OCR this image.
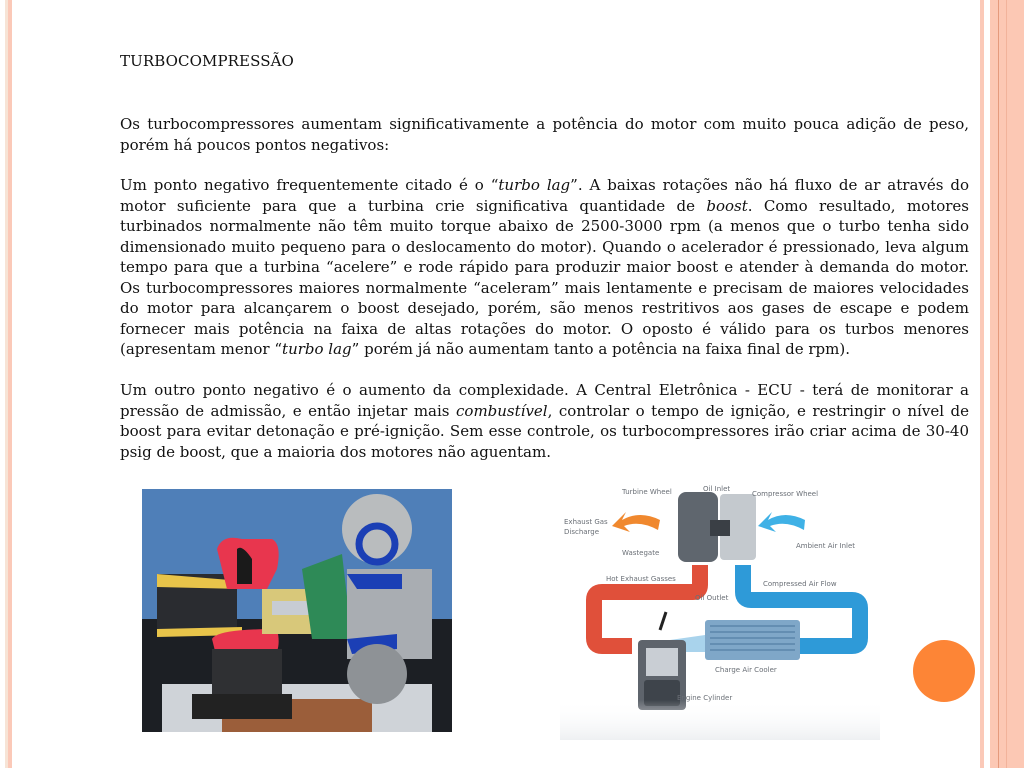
TURBOCOMPRESSÃO
Os turbocompressores aumentam significativamente a potência do motor com muito pouca adição de peso, porém há poucos pontos negativos:
Um ponto negativo frequentemente citado é o “turbo lag”. A baixas rotações não há fluxo de ar através do motor suficiente para que a turbina crie significativa quantidade de boost. Como resultado, motores turbinados normalmente não têm muito torque abaixo de 2500-3000 rpm (a menos que o turbo tenha sido dimensionado muito pequeno para o deslocamento do motor). Quando o acelerador é pressionado, leva algum tempo para que a turbina “acelere” e rode rápido para produzir maior boost e atender à demanda do motor. Os turbocompressores maiores normalmente “aceleram” mais lentamente e precisam de maiores velocidades do motor para alcançarem o boost desejado, porém, são menos restritivos aos gases de escape e podem fornecer mais potência na faixa de altas rotações do motor. O oposto é válido para os turbos menores (apresentam menor “turbo lag” porém já não aumentam tanto a potência na faixa final de rpm).
Um outro ponto negativo é o aumento da complexidade. A Central Eletrônica - ECU - terá de monitorar a pressão de admissão, e então injetar mais combustível, controlar o tempo de ignição, e restringir o nível de boost para evitar detonação e pré-ignição. Sem esse controle, os turbocompressores irão criar acima de 30-40 psig de boost, que a maioria dos motores não aguentam.
Turbine Wheel	Oil Inlet
Compressor Wheel
Exhaust Gas
Discharge
Ambient Air Inlet
Wastegate
Hot Exhaust Gasses
Compressed Air Flow
Oil Outlet
Charge Air Cooler
Engine Cylinder
